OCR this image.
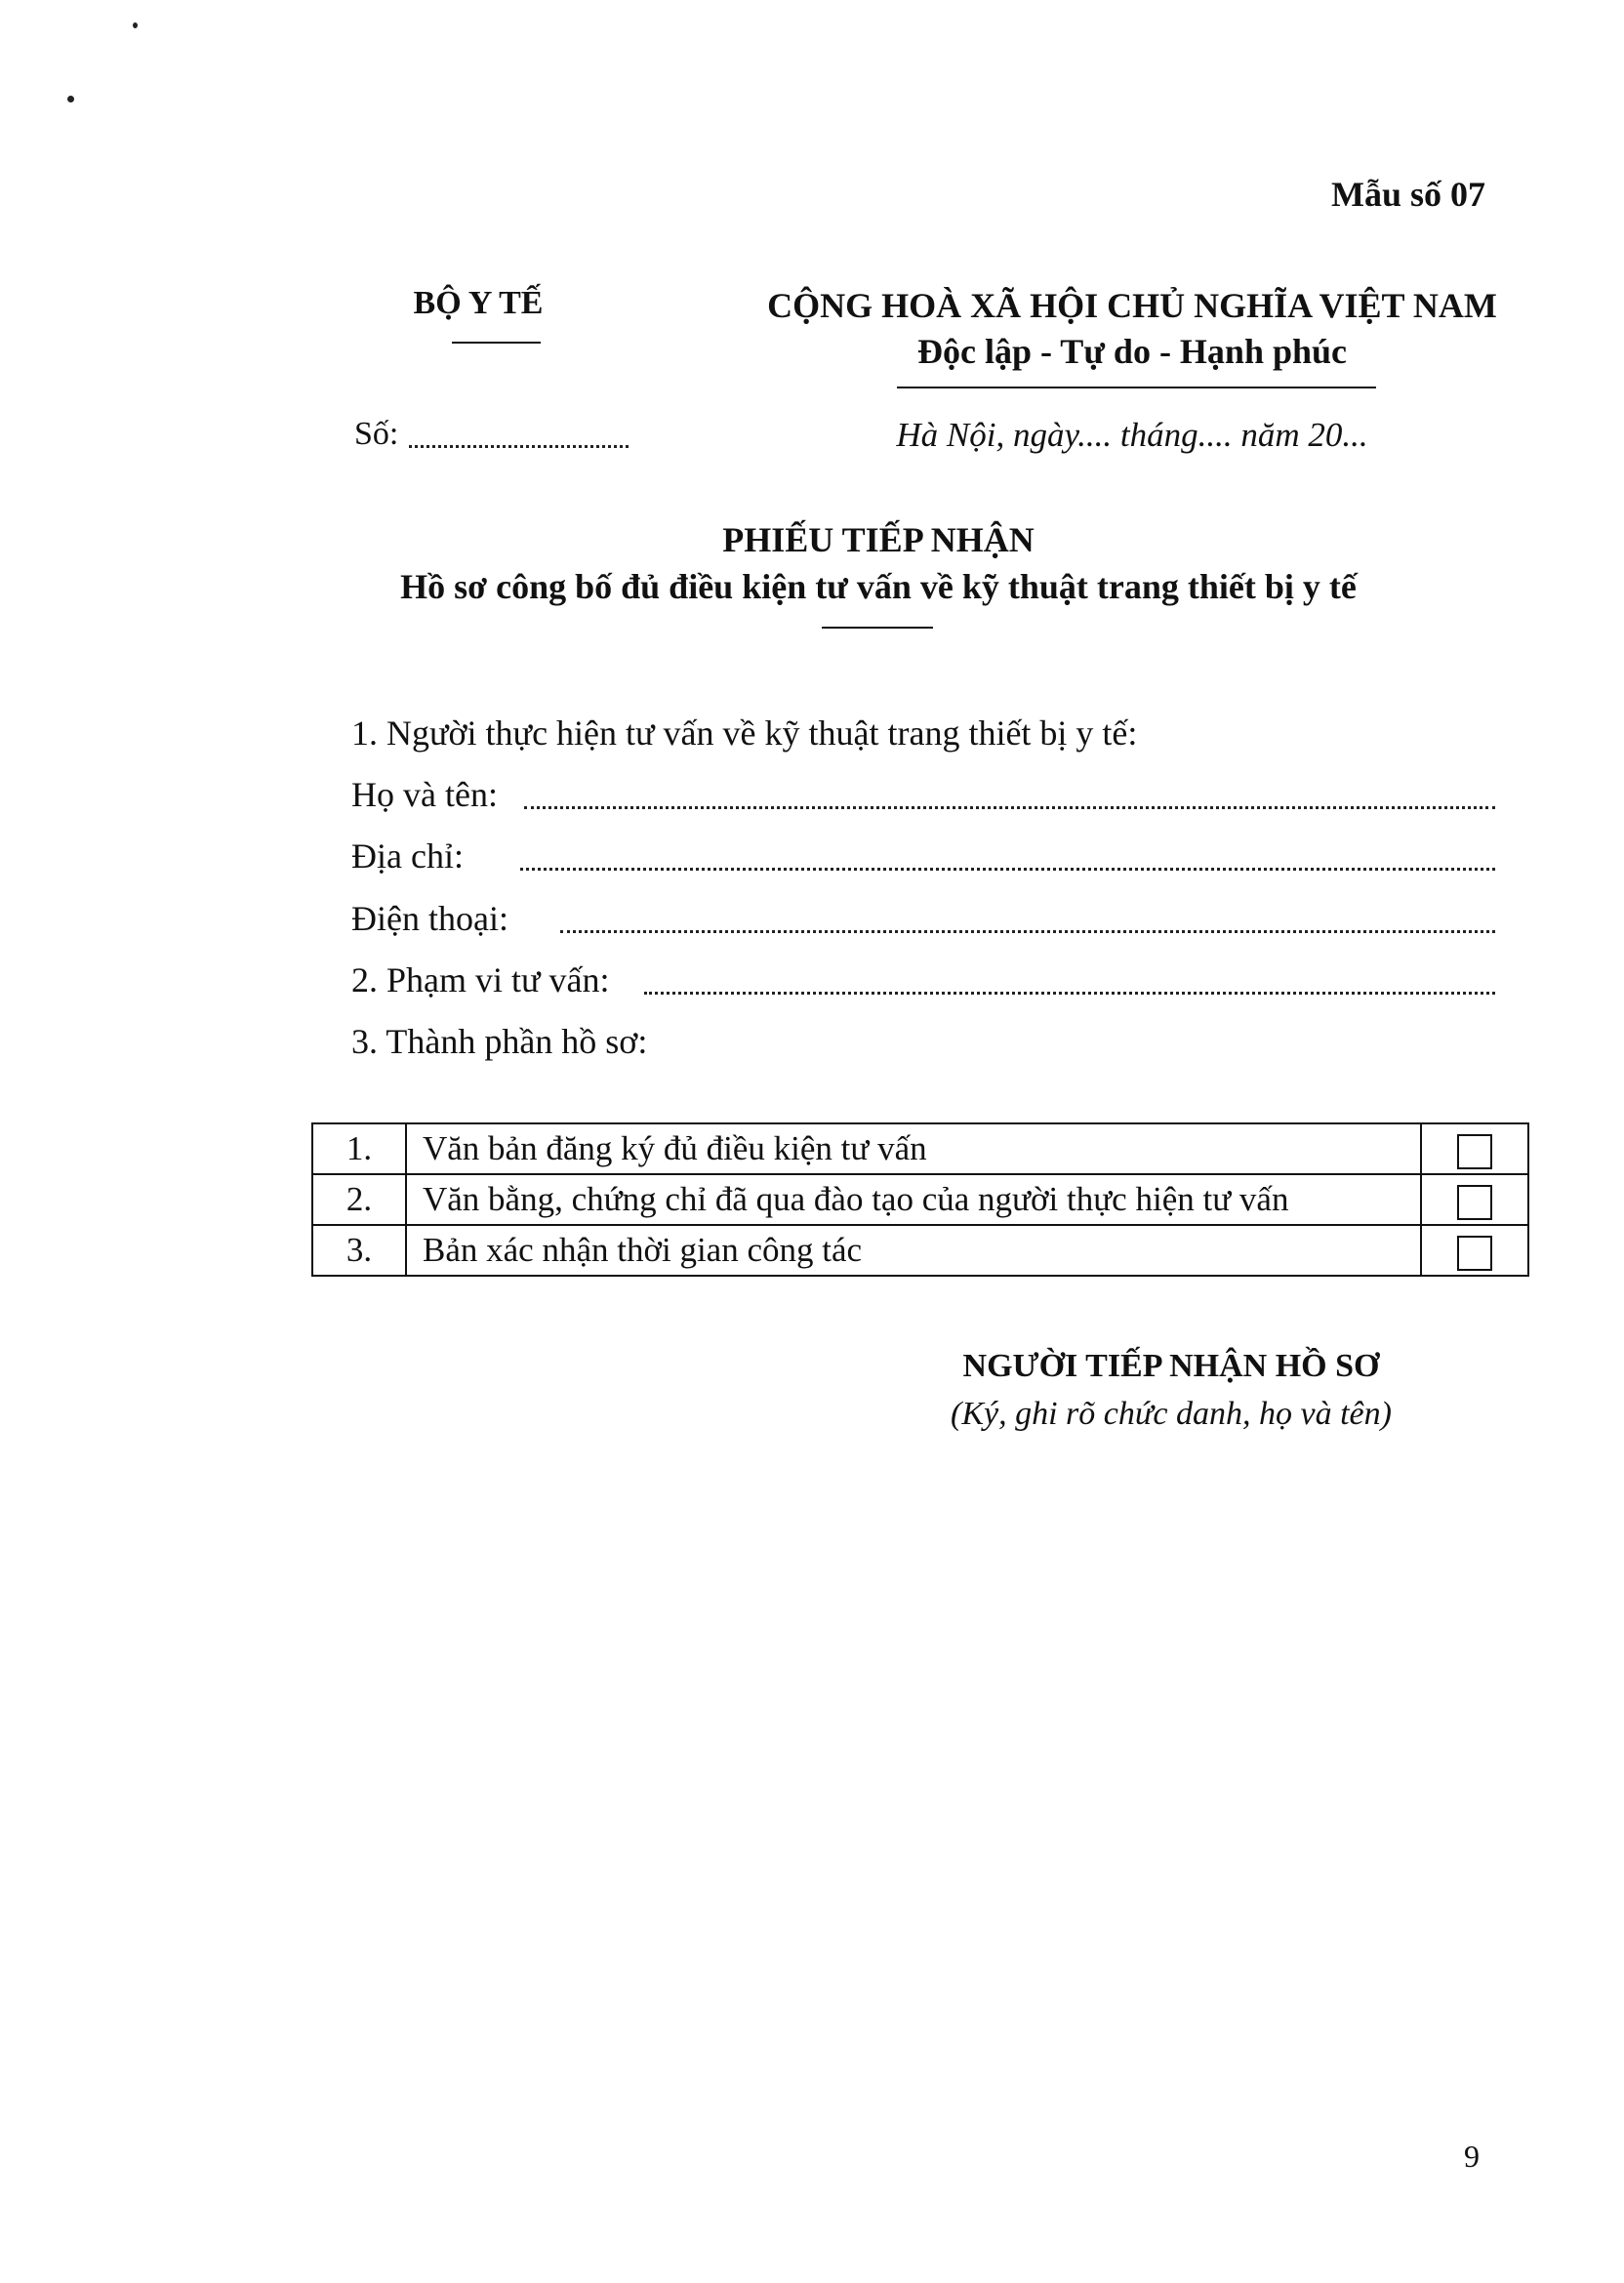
Mẫu số 07
BỘ Y TẾ	CỘNG HOÀ XÃ HỘI CHỦ NGHĨA VIỆT NAM
Độc lập - Tự do - Hạnh phúc
Số:	Hà Nội, ngày.... tháng.... năm 20...
PHIẾU TIẾP NHẬN
Hồ sơ công bố đủ điều kiện tư vấn về kỹ thuật trang thiết bị y tế
1. Người thực hiện tư vấn về kỹ thuật trang thiết bị y tế:
Họ và tên:
Địa chỉ:
Điện thoại:
2. Phạm vi tư vấn:
3. Thành phần hồ sơ:
1.	Văn bản đăng ký đủ điều kiện tư vấn	
2.	Văn bằng, chứng chỉ đã qua đào tạo của người thực hiện tư vấn	
3.	Bản xác nhận thời gian công tác	
NGƯỜI TIẾP NHẬN HỒ SƠ
(Ký, ghi rõ chức danh, họ và tên)
9
